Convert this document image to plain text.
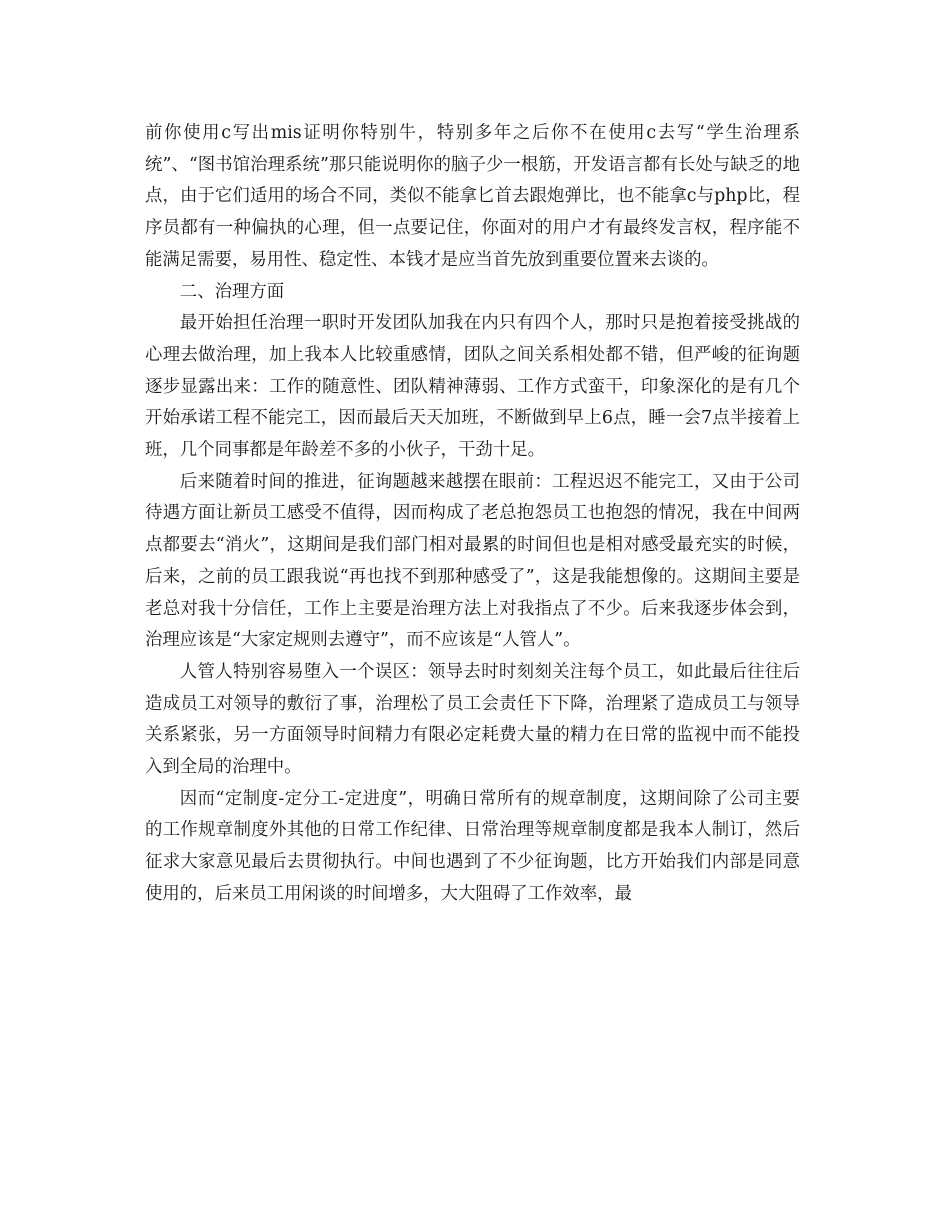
前你使用c写出mis证明你特别牛，特别多年之后你不在使用c去写“学生治理系统”、“图书馆治理系统”那只能说明你的脑子少一根筋，开发语言都有长处与缺乏的地点，由于它们适用的场合不同，类似不能拿匕首去跟炮弹比，也不能拿c与php比，程序员都有一种偏执的心理，但一点要记住，你面对的用户才有最终发言权，程序能不能满足需要，易用性、稳定性、本钱才是应当首先放到重要位置来去谈的。

二、治理方面

最开始担任治理一职时开发团队加我在内只有四个人，那时只是抱着接受挑战的心理去做治理，加上我本人比较重感情，团队之间关系相处都不错，但严峻的征询题逐步显露出来：工作的随意性、团队精神薄弱、工作方式蛮干，印象深化的是有几个开始承诺工程不能完工，因而最后天天加班，不断做到早上6点，睡一会7点半接着上班，几个同事都是年龄差不多的小伙子，干劲十足。

后来随着时间的推进，征询题越来越摆在眼前：工程迟迟不能完工，又由于公司待遇方面让新员工感受不值得，因而构成了老总抱怨员工也抱怨的情况，我在中间两点都要去“消火”，这期间是我们部门相对最累的时间但也是相对感受最充实的时候，后来，之前的员工跟我说“再也找不到那种感受了”，这是我能想像的。这期间主要是老总对我十分信任，工作上主要是治理方法上对我指点了不少。后来我逐步体会到，治理应该是“大家定规则去遵守”，而不应该是“人管人”。

人管人特别容易堕入一个误区：领导去时时刻刻关注每个员工，如此最后往往后造成员工对领导的敷衍了事，治理松了员工会责任下下降，治理紧了造成员工与领导关系紧张，另一方面领导时间精力有限必定耗费大量的精力在日常的监视中而不能投入到全局的治理中。

因而“定制度-定分工-定进度”，明确日常所有的规章制度，这期间除了公司主要的工作规章制度外其他的日常工作纪律、日常治理等规章制度都是我本人制订，然后征求大家意见最后去贯彻执行。中间也遇到了不少征询题，比方开始我们内部是同意使用的，后来员工用闲谈的时间增多，大大阻碍了工作效率，最
